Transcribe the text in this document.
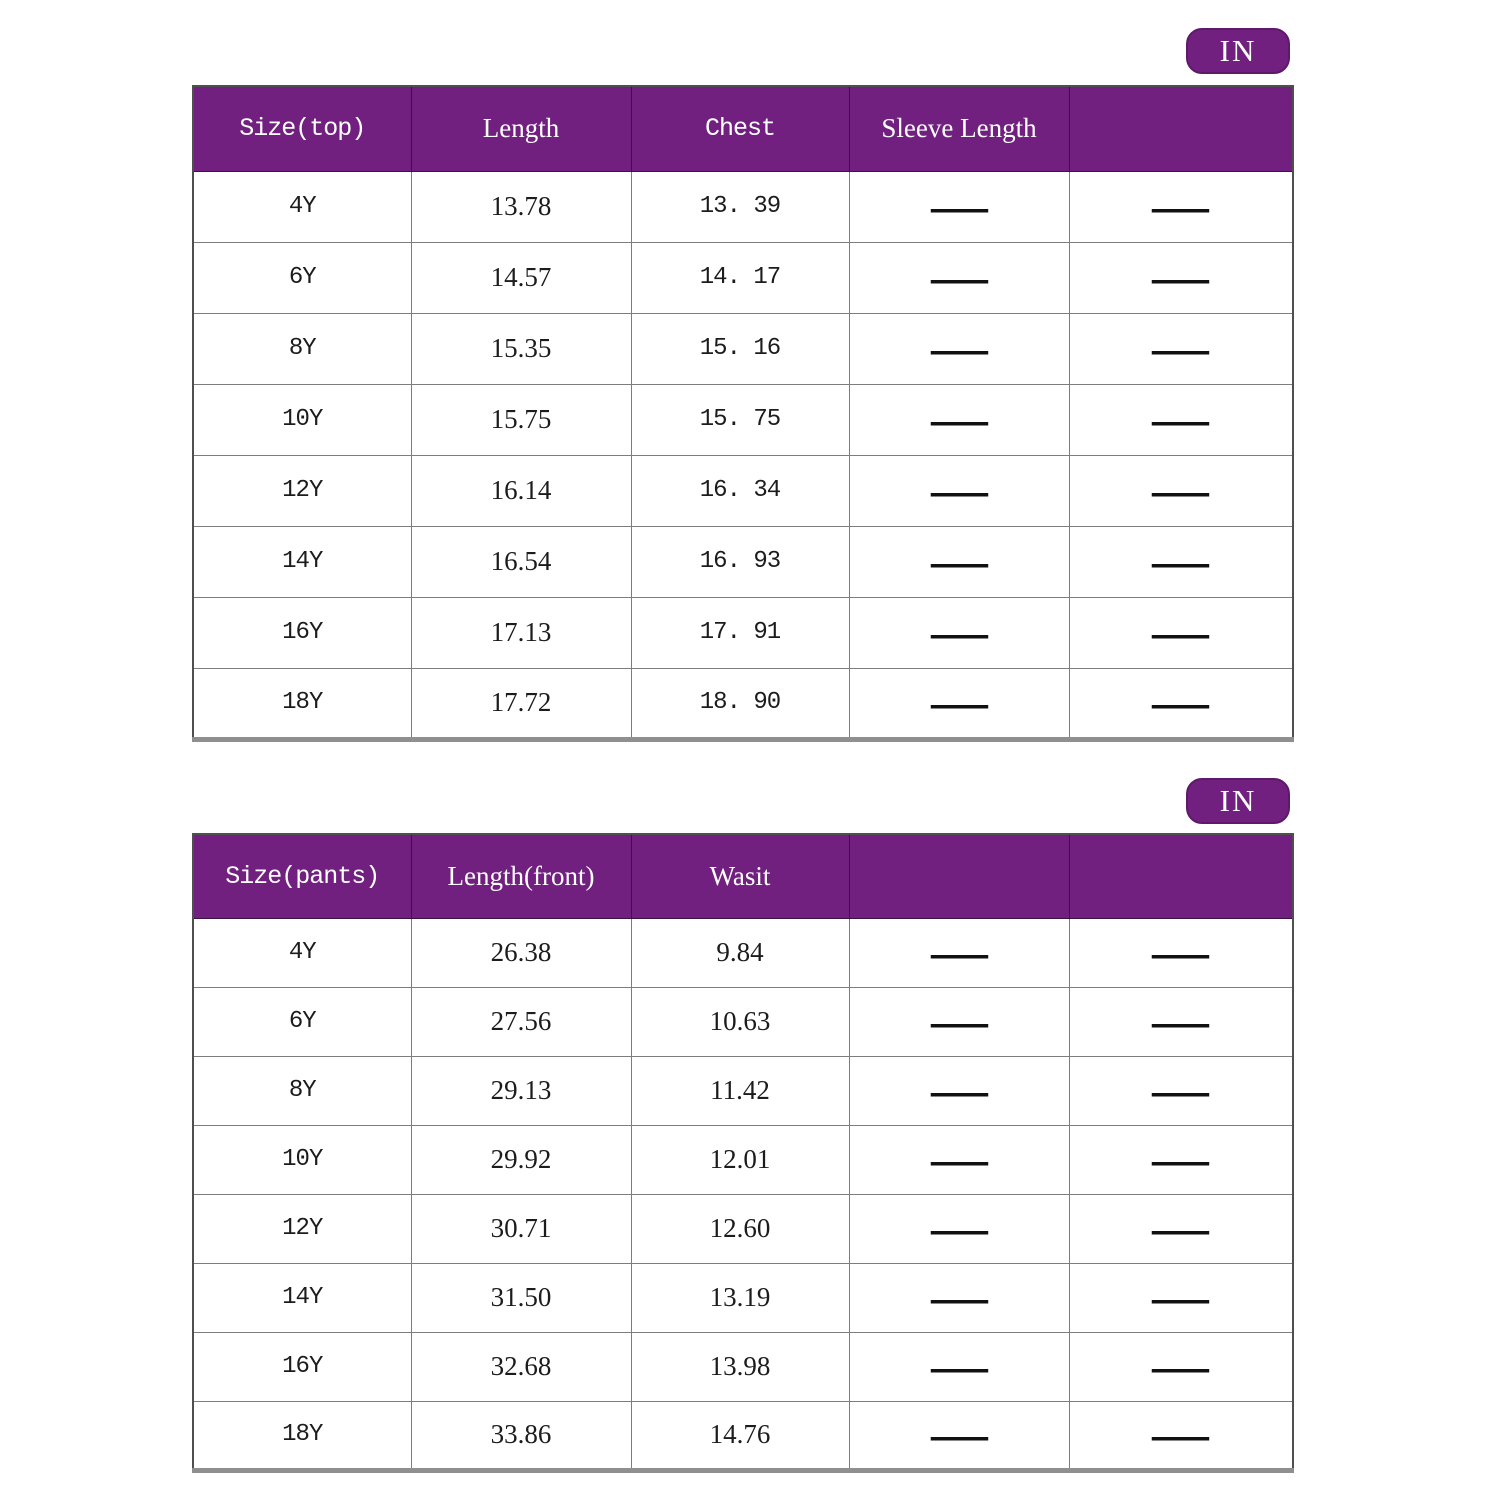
IN
Size(top)	Length	Chest	Sleeve Length	
4Y	13.78	13. 39	—	—
6Y	14.57	14. 17	—	—
8Y	15.35	15. 16	—	—
10Y	15.75	15. 75	—	—
12Y	16.14	16. 34	—	—
14Y	16.54	16. 93	—	—
16Y	17.13	17. 91	—	—
18Y	17.72	18. 90	—	—
IN
Size(pants)	Length(front)	Wasit		
4Y	26.38	9.84	—	—
6Y	27.56	10.63	—	—
8Y	29.13	11.42	—	—
10Y	29.92	12.01	—	—
12Y	30.71	12.60	—	—
14Y	31.50	13.19	—	—
16Y	32.68	13.98	—	—
18Y	33.86	14.76	—	—
